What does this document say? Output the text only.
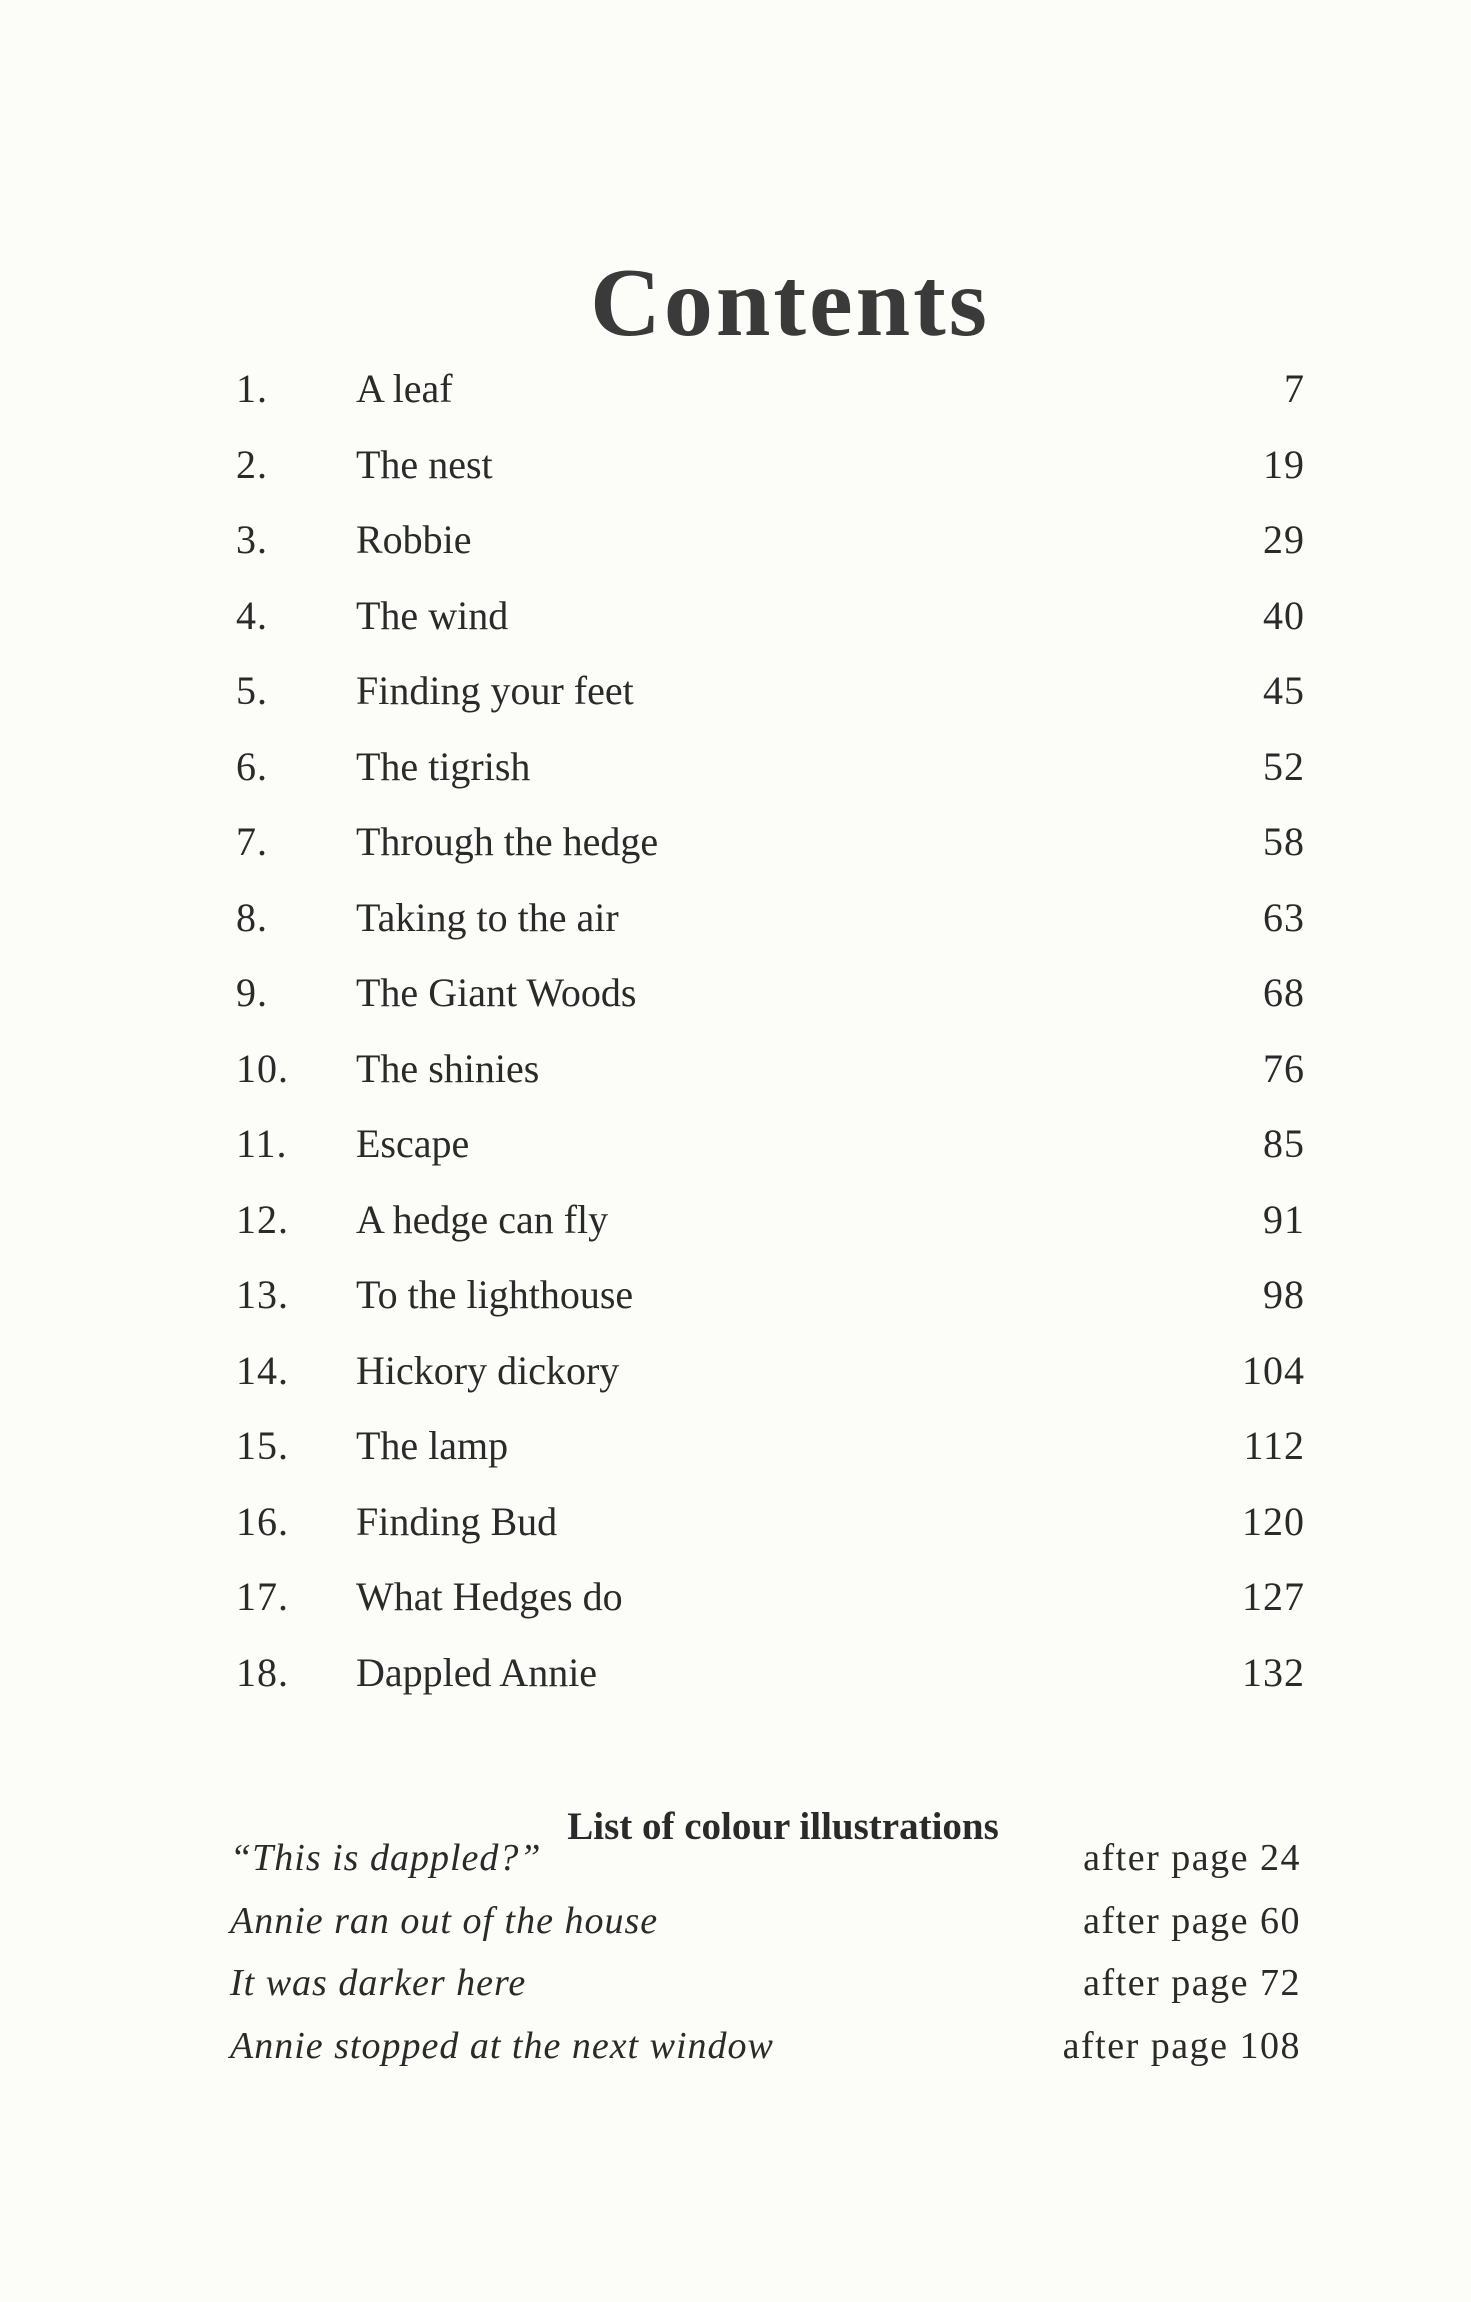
Contents
1. A leaf	7
2. The nest	19
3. Robbie	29
4. The wind	40
5. Finding your feet	45
6. The tigrish	52
7. Through the hedge	58
8. Taking to the air	63
9. The Giant Woods	68
10. The shinies	76
11. Escape	85
12. A hedge can fly	91
13. To the lighthouse	98
14. Hickory dickory	104
15. The lamp	112
16. Finding Bud	120
17. What Hedges do	127
18. Dappled Annie	132
List of colour illustrations
“This is dappled?”	after page 24
Annie ran out of the house	after page 60
It was darker here	after page 72
Annie stopped at the next window	after page 108
